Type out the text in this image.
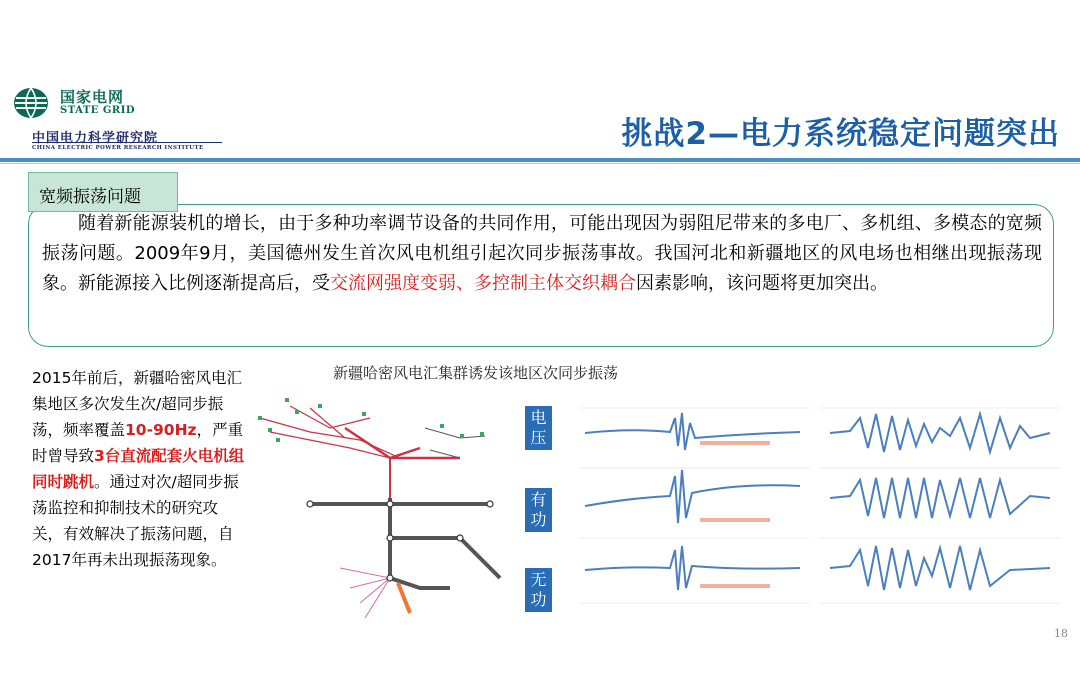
国家电网
STATE GRID
中国电力科学研究院
CHINA ELECTRIC POWER RESEARCH INSTITUTE	挑战2—电力系统稳定问题突出
宽频振荡问题
随着新能源装机的增长，由于多种功率调节设备的共同作用，可能出现因为弱阻尼带来的多电厂、多机组、多模态的宽频振荡问题。2009年9月，美国德州发生首次风电机组引起次同步振荡事故。我国河北和新疆地区的风电场也相继出现振荡现象。新能源接入比例逐渐提高后，受交流网强度变弱、多控制主体交织耦合因素影响，该问题将更加突出。
2015年前后，新疆哈密风电汇集地区多次发生次/超同步振荡，频率覆盖10-90Hz，严重时曾导致3台直流配套火电机组同时跳机。通过对次/超同步振荡监控和抑制技术的研究攻关，有效解决了振荡问题，自2017年再未出现振荡现象。
新疆哈密风电汇集群诱发该地区次同步振荡
电压
有功
无功
18
